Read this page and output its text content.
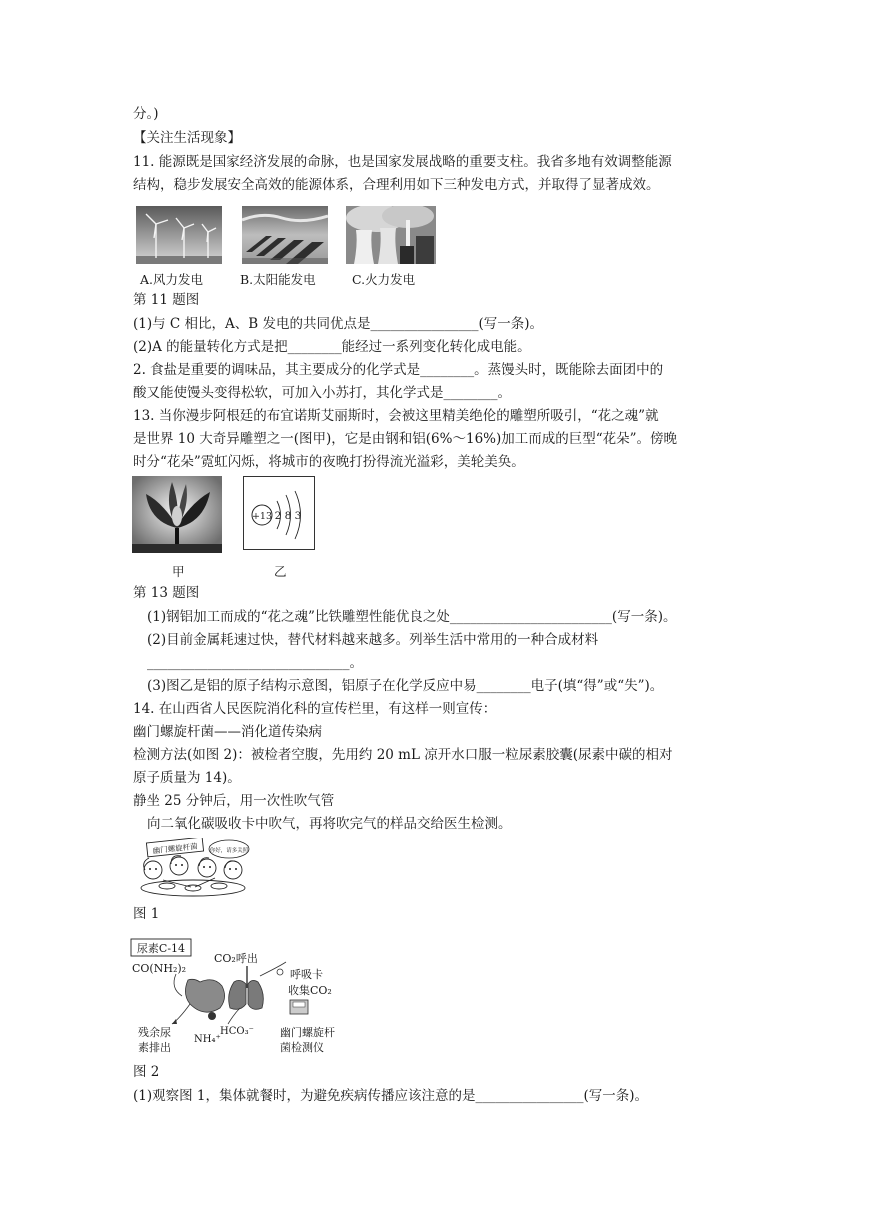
分。)
【关注生活现象】
11. 能源既是国家经济发展的命脉，也是国家发展战略的重要支柱。我省多地有效调整能源
结构，稳步发展安全高效的能源体系，合理利用如下三种发电方式，并取得了显著成效。
A.风力发电	B.太阳能发电	C.火力发电
第 11 题图
(1)与 C 相比，A、B 发电的共同优点是________________(写一条)。
(2)A 的能量转化方式是把________能经过一系列变化转化成电能。
2. 食盐是重要的调味品，其主要成分的化学式是________。蒸馒头时，既能除去面团中的
酸又能使馒头变得松软，可加入小苏打，其化学式是________。
13. 当你漫步阿根廷的布宜诺斯艾丽斯时，会被这里精美绝伦的雕塑所吸引，“花之魂”就
是世界 10 大奇异雕塑之一(图甲)，它是由钢和铝(6%～16%)加工而成的巨型“花朵”。傍晚
时分“花朵”霓虹闪烁，将城市的夜晚打扮得流光溢彩，美轮美奂。
+13 2 8 3
甲	乙
第 13 题图
(1)钢铝加工而成的“花之魂”比铁雕塑性能优良之处________________________(写一条)。
(2)目前金属耗速过快，替代材料越来越多。列举生活中常用的一种合成材料
______________________________。
(3)图乙是铝的原子结构示意图，铝原子在化学反应中易________电子(填“得”或“失”)。
14. 在山西省人民医院消化科的宣传栏里，有这样一则宣传：
幽门螺旋杆菌——消化道传染病
检测方法(如图 2)：被检者空腹，先用约 20 mL 凉开水口服一粒尿素胶囊(尿素中碳的相对
原子质量为 14)。
静坐 25 分钟后，用一次性吹气管
向二氧化碳吸收卡中吹气，再将吹完气的样品交给医生检测。
幽门螺旋杆菌 你好，请多关照
图 1
尿素C-14
CO(NH₂)₂
CO₂呼出
呼吸卡
收集CO₂
残余尿
素排出
NH₄⁺
HCO₃⁻ 幽门螺旋杆
菌检测仪
图 2
(1)观察图 1，集体就餐时，为避免疾病传播应该注意的是________________(写一条)。
